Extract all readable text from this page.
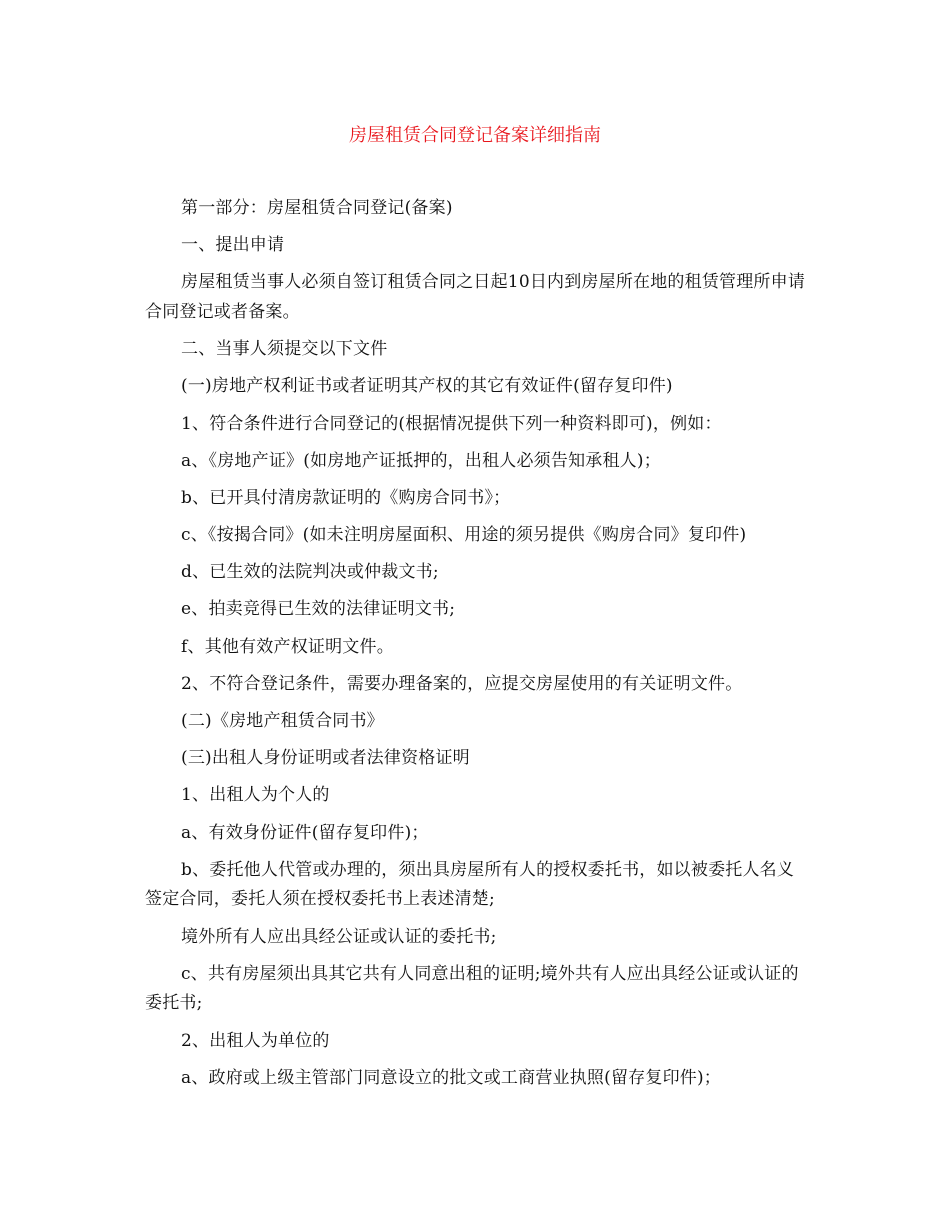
房屋租赁合同登记备案详细指南

第一部分：房屋租赁合同登记(备案)

一、提出申请

房屋租赁当事人必须自签订租赁合同之日起10日内到房屋所在地的租赁管理所申请合同登记或者备案。

二、当事人须提交以下文件

(一)房地产权利证书或者证明其产权的其它有效证件(留存复印件)

1、符合条件进行合同登记的(根据情况提供下列一种资料即可)，例如：

a、《房地产证》(如房地产证抵押的，出租人必须告知承租人)；

b、已开具付清房款证明的《购房合同书》；

c、《按揭合同》(如未注明房屋面积、用途的须另提供《购房合同》复印件)

d、已生效的法院判决或仲裁文书;

e、拍卖竞得已生效的法律证明文书;

f、其他有效产权证明文件。

2、不符合登记条件，需要办理备案的，应提交房屋使用的有关证明文件。

(二)《房地产租赁合同书》

(三)出租人身份证明或者法律资格证明

1、出租人为个人的

a、有效身份证件(留存复印件)；

b、委托他人代管或办理的，须出具房屋所有人的授权委托书，如以被委托人名义签定合同，委托人须在授权委托书上表述清楚;

境外所有人应出具经公证或认证的委托书;

c、共有房屋须出具其它共有人同意出租的证明;境外共有人应出具经公证或认证的委托书;

2、出租人为单位的

a、政府或上级主管部门同意设立的批文或工商营业执照(留存复印件)；
